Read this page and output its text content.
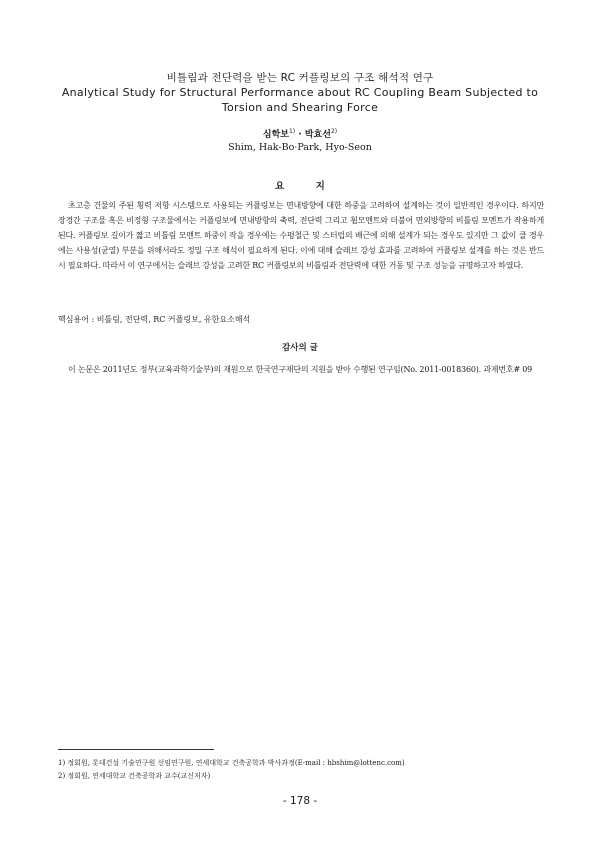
비틀림과 전단력을 받는 RC 커플링보의 구조 해석적 연구
Analytical Study for Structural Performance about RC Coupling Beam Subjected to Torsion and Shearing Force
심학보$^{1)}$ · 박효선$^{2)}$
Shim, Hak-Bo·Park, Hyo-Seon
요 지
초고층 건물의 주된 횡력 저항 시스템으로 사용되는 커플링보는 면내방향에 대한 하중을 고려하여 설계하는 것이 일반적인 경우이다. 하지만 장경간 구조물 혹은 비정형 구조물에서는 커플링보에 면내방향의 축력, 전단력 그리고 휨모멘트와 더불어 면외방향의 비틀림 모멘트가 작용하게 된다. 커플링보 길이가 짧고 비틀림 모멘트 하중이 작을 경우에는 수평철근 및 스터럽의 배근에 의해 설계가 되는 경우도 있지만 그 값이 클 경우에는 사용성(균열) 부분을 위해서라도 정밀 구조 해석이 필요하게 된다. 이에 대해 슬래브 강성 효과를 고려하여 커플링보 설계를 하는 것은 반드시 필요하다. 따라서 이 연구에서는 슬래브 강성을 고려한 RC 커플링보의 비틀림과 전단력에 대한 거동 및 구조 성능을 규명하고자 하였다.
핵심용어 : 비틀림, 전단력, RC 커플링보, 유한요소해석
감사의 글
이 논문은 2011년도 정부(교육과학기술부)의 재원으로 한국연구재단의 지원을 받아 수행된 연구임(No. 2011-0018360). 과제번호# 09
1) 정회원, 롯데건설 기술연구원 선임연구원, 연세대학교 건축공학과 박사과정(E-mail : hbshim@lottenc.com)
2) 정회원, 연세대학교 건축공학과 교수(교신저자)
- 178 -
